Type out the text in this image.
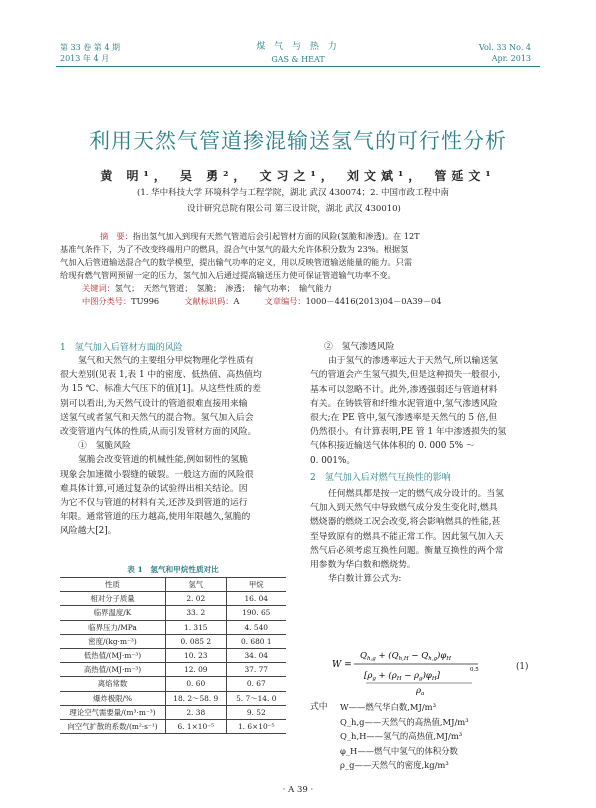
第 33 卷 第 4 期
2013 年 4 月
煤 气 与 热 力
GAS & HEAT
Vol. 33 No. 4
Apr. 2013
利用天然气管道掺混输送氢气的可行性分析
黄 明¹， 吴 勇²， 文习之¹， 刘文斌¹， 管延文¹
(1. 华中科技大学 环境科学与工程学院，湖北 武汉 430074；2. 中国市政工程中南
设计研究总院有限公司 第三设计院，湖北 武汉 430010)
摘　要：指出氢气加入到现有天然气管道后会引起管材方面的风险(氢脆和渗透)。在 12T
基准气条件下，为了不改变终端用户的燃具，混合气中氢气的最大允许体积分数为 23%。根据氢
气加入后管道输送混合气的数学模型，提出输气功率的定义，用以反映管道输送能量的能力。只需
给现有燃气管网预留一定的压力，氢气加入后通过提高输送压力使可保证管道输气功率不变。
关键词：氢气；　天然气管道；　氢脆；　渗透；　输气功率；　输气能力
中图分类号：TU996	文献标识码：A	文章编号：1000－4416(2013)04－0A39－04
1　氢气加入后管材方面的风险
氢气和天然气的主要组分甲烷物理化学性质有
很大差别(见表 1,表 1 中的密度、低热值、高热值均
为 15 ℃、标准大气压下的值)[1]。从这些性质的差
别可以看出,为天然气设计的管道很难直接用来输
送氢气或者氢气和天然气的混合物。氢气加入后会
改变管道内气体的性质,从而引发管材方面的风险。
①　氢脆风险
氢脆会改变管道的机械性能,例如韧性的氢脆
现象会加速微小裂缝的破裂。一般这方面的风险很
难具体计算,可通过复杂的试验得出相关结论。因
为它不仅与管道的材料有关,还涉及到管道的运行
年限。通常管道的压力越高,使用年限越久,氢脆的
风险越大[2]。
表 1　氢气和甲烷性质对比
性质	氢气	甲烷
相对分子质量	2. 02	16. 04
临界温度/K	33. 2	190. 65
临界压力/MPa	1. 315	4. 540
密度/(kg·m⁻³)	0. 085 2	0. 680 1
低热值/(MJ·m⁻³)	10. 23	34. 04
高热值/(MJ·m⁻³)	12. 09	37. 77
离焰常数	0. 60	0. 67
爆炸极限/%	18. 2～58. 9	5. 7～14. 0
理论空气需要量/(m³·m⁻³)	2. 38	9. 52
向空气扩散的系数/(m²·s⁻¹)	6. 1×10⁻⁵	1. 6×10⁻⁵
②　氢气渗透风险
由于氢气的渗透率远大于天然气,所以输送氢
气的管道会产生氢气损失,但是这种损失一般很小,
基本可以忽略不计。此外,渗透强弱还与管道材料
有关。在铸铁管和纤维水泥管道中,氢气渗透风险
很大;在 PE 管中,氢气渗透率是天然气的 5 倍,但
仍然很小。有计算表明,PE 管 1 年中渗透损失的氢
气体积接近输送气体体积的 0. 000 5% ～
0. 001%。
2　氢气加入后对燃气互换性的影响
任何燃具都是按一定的燃气成分设计的。当氢
气加入到天然气中导致燃气成分发生变化时,燃具
燃烧器的燃烧工况会改变,将会影响燃具的性能,甚
至导致原有的燃具不能正常工作。因此氢气加入天
然气后必须考虑互换性问题。衡量互换性的两个常
用参数为华白数和燃烧势。
华白数计算公式为:
W =
$Q_{h,g} + (Q_{h,H} - Q_{h,g})\varphi_H$
$[\rho_g + (\rho_H - \rho_g)\varphi_H]$
0.5
$\rho_a$
(1)
式中 W——燃气华白数,MJ/m³
Q_h,g——天然气的高热值,MJ/m³
Q_h,H——氢气的高热值,MJ/m³
φ_H——燃气中氢气的体积分数
ρ_g——天然气的密度,kg/m³
· A 39 ·
